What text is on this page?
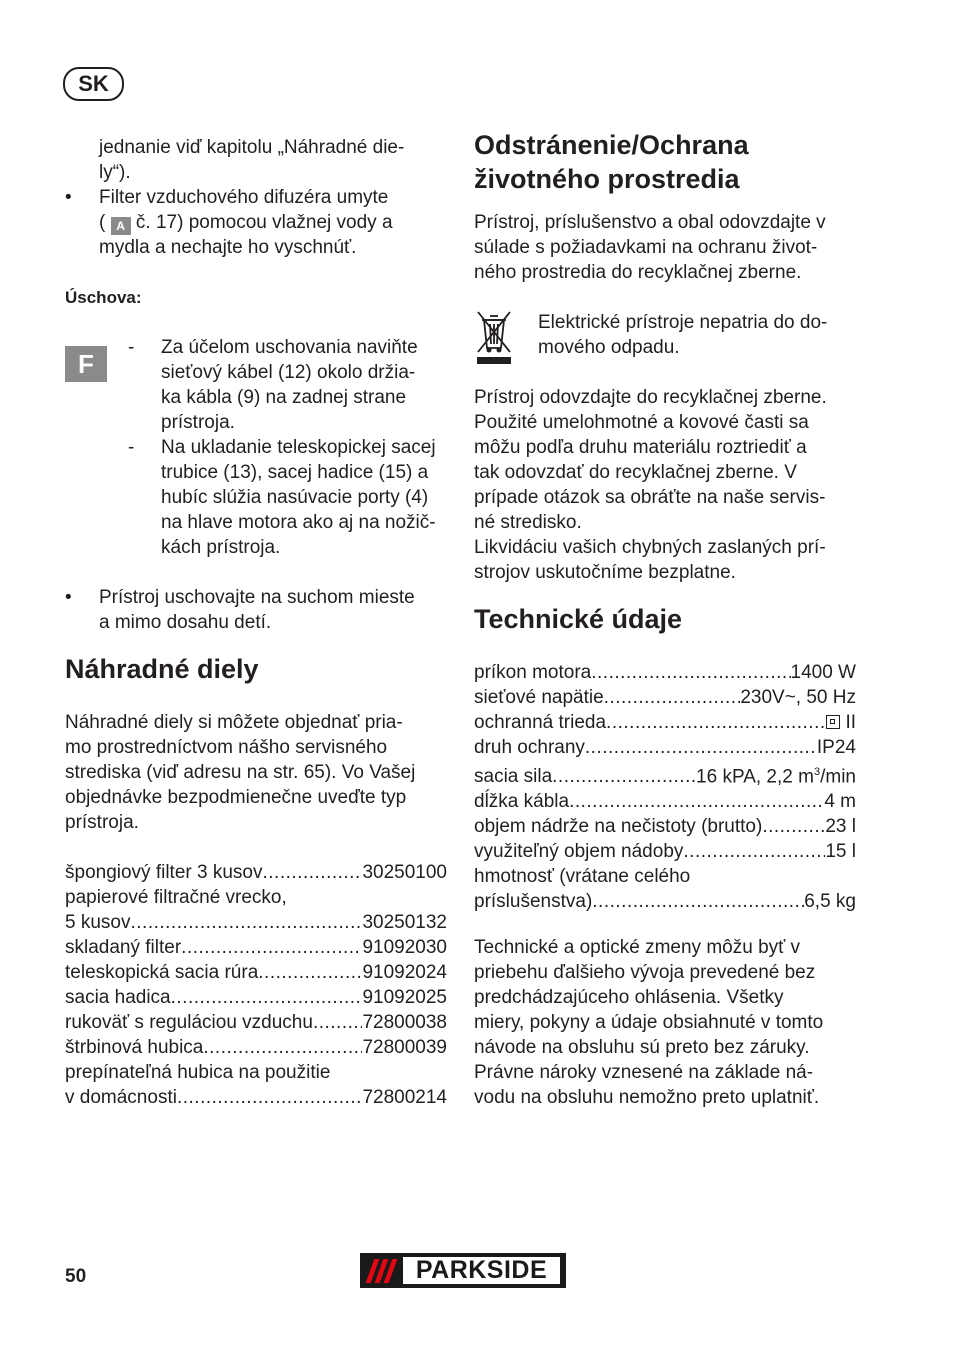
SK
jednanie viď kapitolu „Náhradné die-
ly“).
• Filter vzduchového difuzéra umyte
( A č. 17) pomocou vlažnej vody a
mydla a nechajte ho vyschnúť.
Úschova:
F
- Za účelom uschovania naviňte
sieťový kábel (12) okolo držia-
ka kábla (9) na zadnej strane
prístroja.
- Na ukladanie teleskopickej sacej
trubice (13), sacej hadice (15) a
hubíc slúžia nasúvacie porty (4)
na hlave motora ako aj na nožič-
kách prístroja.
• Prístroj uschovajte na suchom mieste
a mimo dosahu detí.
Náhradné diely
Náhradné diely si môžete objednať pria-
mo prostredníctvom nášho servisného
strediska (viď adresu na str. 65). Vo Vašej
objednávke bezpodmienečne uveďte typ
prístroja.
špongiový filter 3 kusov .....	30250100
papierové filtračné vrecko,
5 kusov .....	30250132
skladaný filter .....	91092030
teleskopická sacia rúra .....	91092024
sacia hadica .....	91092025
rukoväť s reguláciou vzduchu .....	72800038
štrbinová hubica .....	72800039
prepínateľná hubica na použitie
v domácnosti .....	72800214
Odstránenie/Ochrana
životného prostredia
Prístroj, príslušenstvo a obal odovzdajte v
súlade s požiadavkami na ochranu život-
ného prostredia do recyklačnej zberne.
Elektrické prístroje nepatria do do-
mového odpadu.
Prístroj odovzdajte do recyklačnej zberne.
Použité umelohmotné a kovové časti sa
môžu podľa druhu materiálu roztriediť a
tak odovzdať do recyklačnej zberne. V
prípade otázok sa obráťte na naše servis-
né stredisko.
Likvidáciu vašich chybných zaslaných prí-
strojov uskutočníme bezplatne.
Technické údaje
príkon motora .....	1400 W
sieťové napätie .....	230V~, 50 Hz
ochranná trieda .....	II
druh ochrany .....	IP24
sacia sila .....	16 kPA, 2,2 $m^3/\min$
dĺžka kábla .....	4 m
objem nádrže na nečistoty (brutto) .....	23 l
využiteľný objem nádoby .....	15 l
hmotnosť (vrátane celého
príslušenstva) .....	6,5 kg
Technické a optické zmeny môžu byť v
priebehu ďalšieho vývoja prevedené bez
predchádzajúceho ohlásenia. Všetky
miery, pokyny a údaje obsiahnuté v tomto
návode na obsluhu sú preto bez záruky.
Právne nároky vznesené na základe ná-
vodu na obsluhu nemožno preto uplatniť.
50	PARKSIDE
